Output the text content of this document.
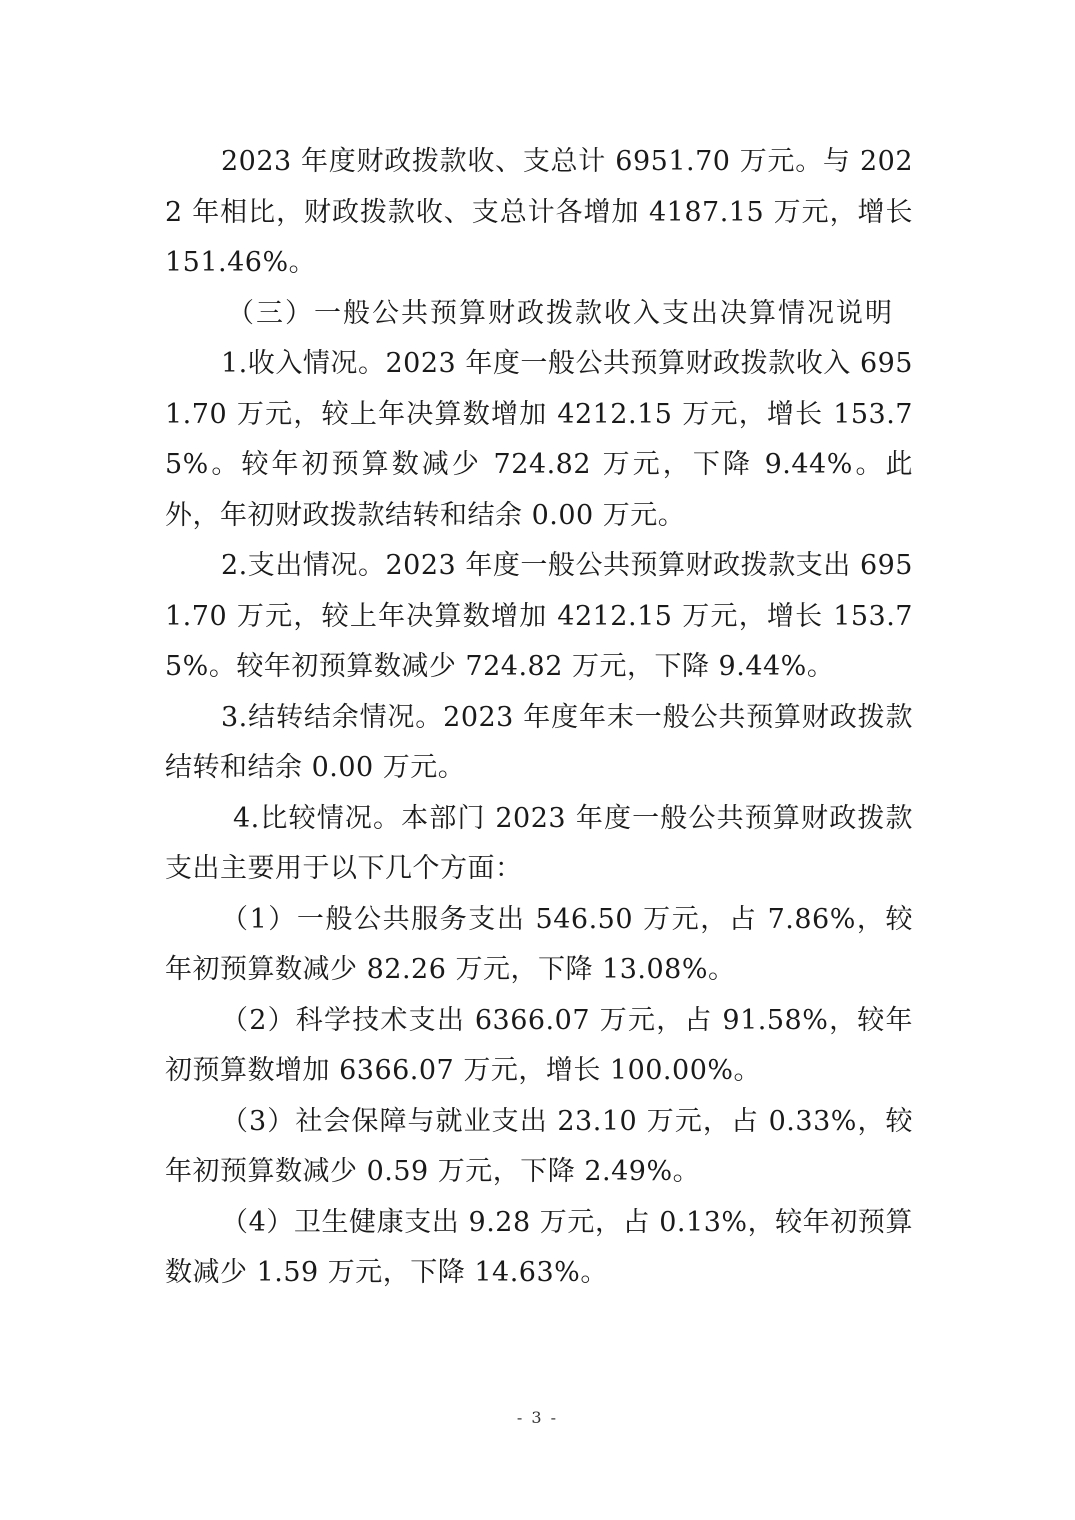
2023 年度财政拨款收、支总计 6951.70 万元。与 2022 年相比，财政拨款收、支总计各增加 4187.15 万元，增长 151.46%。

（三）一般公共预算财政拨款收入支出决算情况说明

1.收入情况。2023 年度一般公共预算财政拨款收入 6951.70 万元，较上年决算数增加 4212.15 万元，增长 153.75%。较年初预算数减少 724.82 万元，下降 9.44%。此外，年初财政拨款结转和结余 0.00 万元。

2.支出情况。2023 年度一般公共预算财政拨款支出 6951.70 万元，较上年决算数增加 4212.15 万元，增长 153.75%。较年初预算数减少 724.82 万元，下降 9.44%。

3.结转结余情况。2023 年度年末一般公共预算财政拨款结转和结余 0.00 万元。

4.比较情况。本部门 2023 年度一般公共预算财政拨款支出主要用于以下几个方面：

（1）一般公共服务支出 546.50 万元，占 7.86%，较年初预算数减少 82.26 万元，下降 13.08%。

（2）科学技术支出 6366.07 万元，占 91.58%，较年初预算数增加 6366.07 万元，增长 100.00%。

（3）社会保障与就业支出 23.10 万元，占 0.33%，较年初预算数减少 0.59 万元，下降 2.49%。

（4）卫生健康支出 9.28 万元，占 0.13%，较年初预算数减少 1.59 万元，下降 14.63%。

- 3 -
